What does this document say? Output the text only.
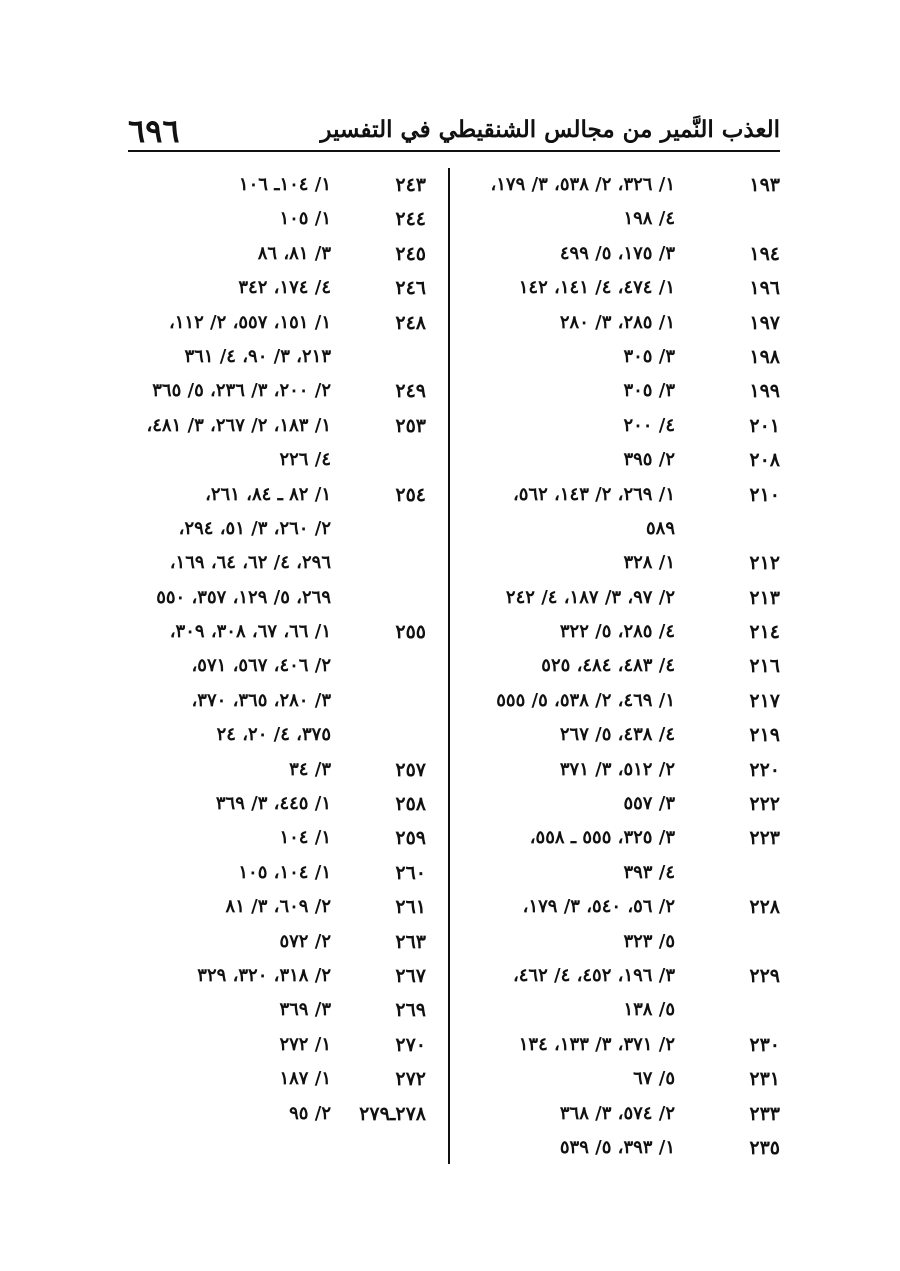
٦٩٦	العذب النَّمير من مجالس الشنقيطي في التفسير
١٩٣
١/ ٣٢٦، ٢/ ٥٣٨، ٣/ ١٧٩،
٤/ ١٩٨
١٩٤
٣/ ١٧٥، ٥/ ٤٩٩
١٩٦
١/ ٤٧٤، ٤/ ١٤١، ١٤٢
١٩٧
١/ ٢٨٥، ٣/ ٢٨٠
١٩٨
٣/ ٣٠٥
١٩٩
٣/ ٣٠٥
٢٠١
٤/ ٢٠٠
٢٠٨
٢/ ٣٩٥
٢١٠
١/ ٢٦٩، ٢/ ١٤٣، ٥٦٢،
٥٨٩
٢١٢
١/ ٣٢٨
٢١٣
٢/ ٩٧، ٣/ ١٨٧، ٤/ ٢٤٢
٢١٤
٤/ ٢٨٥، ٥/ ٣٢٢
٢١٦
٤/ ٤٨٣، ٤٨٤، ٥٢٥
٢١٧
١/ ٤٦٩، ٢/ ٥٣٨، ٥/ ٥٥٥
٢١٩
٤/ ٤٣٨، ٥/ ٢٦٧
٢٢٠
٢/ ٥١٢، ٣/ ٣٧١
٢٢٢
٣/ ٥٥٧
٢٢٣
٣/ ٣٢٥، ٥٥٥ ـ ٥٥٨،
٤/ ٣٩٣
٢٢٨
٢/ ٥٦، ٥٤٠، ٣/ ١٧٩،
٥/ ٣٢٣
٢٢٩
٣/ ١٩٦، ٤٥٢، ٤/ ٤٦٢،
٥/ ١٣٨
٢٣٠
٢/ ٣٧١، ٣/ ١٣٣، ١٣٤
٢٣١
٥/ ٦٧
٢٣٣
٢/ ٥٧٤، ٣/ ٣٦٨
٢٣٥
١/ ٣٩٣، ٥/ ٥٣٩
٢٤٣
١/ ١٠٤ـ ١٠٦
٢٤٤
١/ ١٠٥
٢٤٥
٣/ ٨١، ٨٦
٢٤٦
٤/ ١٧٤، ٣٤٢
٢٤٨
١/ ١٥١، ٥٥٧، ٢/ ١١٢،
٢١٣، ٣/ ٩٠، ٤/ ٣٦١
٢٤٩
٢/ ٢٠٠، ٣/ ٢٣٦، ٥/ ٣٦٥
٢٥٣
١/ ١٨٣، ٢/ ٢٦٧، ٣/ ٤٨١،
٤/ ٢٢٦
٢٥٤
١/ ٨٢ ـ ٨٤، ٢٦١،
٢/ ٢٦٠، ٣/ ٥١، ٢٩٤،
٢٩٦، ٤/ ٦٢، ٦٤، ١٦٩،
٢٦٩، ٥/ ١٢٩، ٣٥٧، ٥٥٠
٢٥٥
١/ ٦٦، ٦٧، ٣٠٨، ٣٠٩،
٢/ ٤٠٦، ٥٦٧، ٥٧١،
٣/ ٢٨٠، ٣٦٥، ٣٧٠،
٣٧٥، ٤/ ٢٠، ٢٤
٢٥٧
٣/ ٣٤
٢٥٨
١/ ٤٤٥، ٣/ ٣٦٩
٢٥٩
١/ ١٠٤
٢٦٠
١/ ١٠٤، ١٠٥
٢٦١
٢/ ٦٠٩، ٣/ ٨١
٢٦٣
٢/ ٥٧٢
٢٦٧
٢/ ٣١٨، ٣٢٠، ٣٢٩
٢٦٩
٣/ ٣٦٩
٢٧٠
١/ ٢٧٢
٢٧٢
١/ ١٨٧
٢٧٨ـ٢٧٩
٢/ ٩٥
